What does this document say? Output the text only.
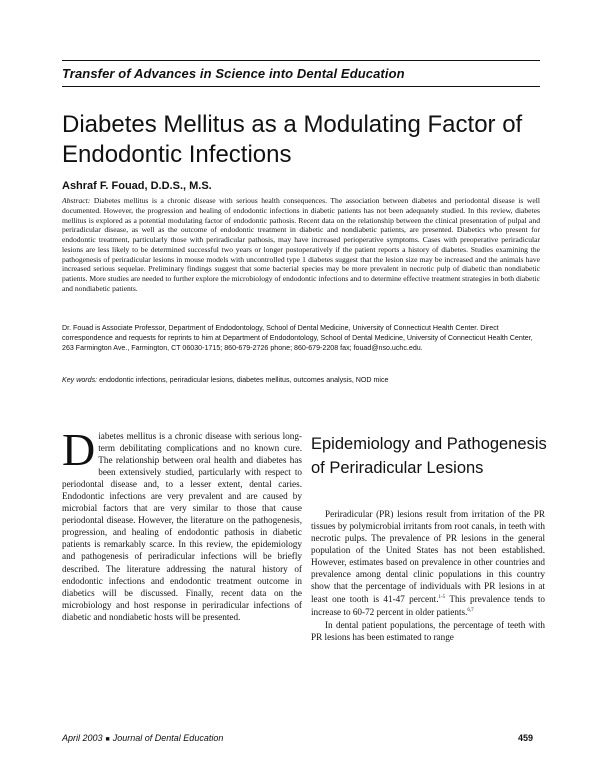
Transfer of Advances in Science into Dental Education
Diabetes Mellitus as a Modulating Factor of Endodontic Infections
Ashraf F. Fouad, D.D.S., M.S.

Abstract: Diabetes mellitus is a chronic disease with serious health consequences. The association between diabetes and periodontal disease is well documented. However, the progression and healing of endodontic infections in diabetic patients has not been adequately studied. In this review, diabetes mellitus is explored as a potential modulating factor of endodontic pathosis. Recent data on the relationship between the clinical presentation of pulpal and periradicular disease, as well as the outcome of endodontic treatment in diabetic and nondiabetic patients, are presented. Diabetics who present for endodontic treatment, particularly those with periradicular pathosis, may have increased perioperative symptoms. Cases with preoperative periradicular lesions are less likely to be determined successful two years or longer postoperatively if the patient reports a history of diabetes. Studies examining the pathogenesis of periradicular lesions in mouse models with uncontrolled type 1 diabetes suggest that the lesion size may be increased and the animals have increased serious sequelae. Preliminary findings suggest that some bacterial species may be more prevalent in necrotic pulp of diabetic than nondiabetic patients. More studies are needed to further explore the microbiology of endodontic infections and to determine effective treatment strategies in both diabetic and nondiabetic patients.

Dr. Fouad is Associate Professor, Department of Endodontology, School of Dental Medicine, University of Connecticut Health Center. Direct correspondence and requests for reprints to him at Department of Endodontology, School of Dental Medicine, University of Connecticut Health Center, 263 Farmington Ave., Farmington, CT 06030-1715; 860-679-2726 phone; 860-679-2208 fax; fouad@nso.uchc.edu.

Key words: endodontic infections, periradicular lesions, diabetes mellitus, outcomes analysis, NOD mice

Diabetes mellitus is a chronic disease with serious long-term debilitating complications and no known cure. The relationship between oral health and diabetes has been extensively studied, particularly with respect to periodontal disease and, to a lesser extent, dental caries. Endodontic infections are very prevalent and are caused by microbial factors that are very similar to those that cause periodontal disease. However, the literature on the pathogenesis, progression, and healing of endodontic pathosis in diabetic patients is remarkably scarce. In this review, the epidemiology and pathogenesis of periradicular infections will be briefly described. The literature addressing the natural history of endodontic infections and endodontic treatment outcome in diabetics will be discussed. Finally, recent data on the microbiology and host response in periradicular infections of diabetic and nondiabetic hosts will be presented.

Epidemiology and Pathogenesis of Periradicular Lesions

Periradicular (PR) lesions result from irritation of the PR tissues by polymicrobial irritants from root canals, in teeth with necrotic pulps. The prevalence of PR lesions in the general population of the United States has not been established. However, estimates based on prevalence in other countries and prevalence among dental clinic populations in this country show that the percentage of individuals with PR lesions in at least one tooth is 41-47 percent.$^{1-5}$ This prevalence tends to increase to 60-72 percent in older patients.$^{6,7}$

In dental patient populations, the percentage of teeth with PR lesions has been estimated to range

April 2003 ■ Journal of Dental Education	459
